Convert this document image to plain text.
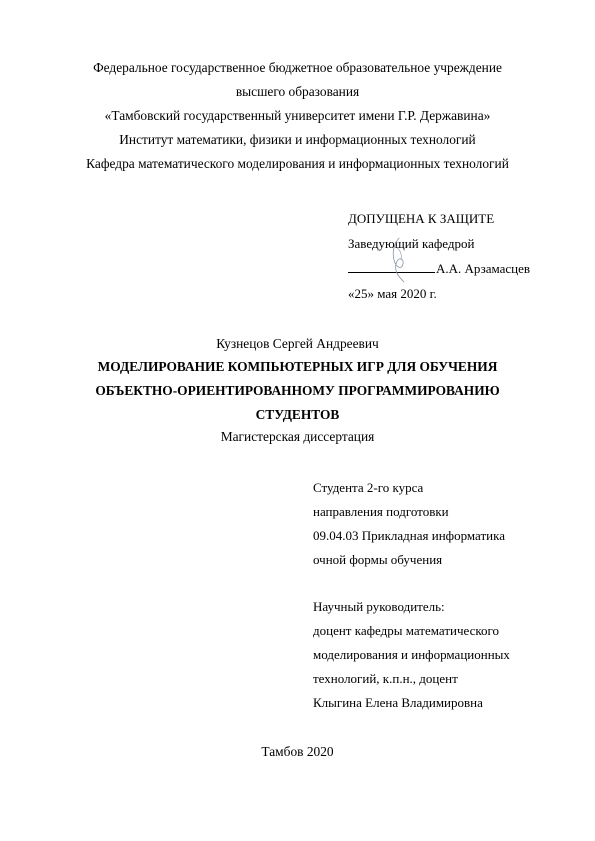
Федеральное государственное бюджетное образовательное учреждение
высшего образования
«Тамбовский государственный университет имени Г.Р. Державина»
Институт математики, физики и информационных технологий
Кафедра математического моделирования и информационных технологий
ДОПУЩЕНА К ЗАЩИТЕ
Заведующий кафедрой
А.А. Арзамасцев
«25» мая 2020 г.
Кузнецов Сергей Андреевич
МОДЕЛИРОВАНИЕ КОМПЬЮТЕРНЫХ ИГР ДЛЯ ОБУЧЕНИЯ
ОБЪЕКТНО-ОРИЕНТИРОВАННОМУ ПРОГРАММИРОВАНИЮ
СТУДЕНТОВ
Магистерская диссертация
Студента 2-го курса
направления подготовки
09.04.03 Прикладная информатика
очной формы обучения
Научный руководитель:
доцент кафедры математического
моделирования и информационных
технологий, к.п.н., доцент
Клыгина Елена Владимировна
Тамбов 2020
